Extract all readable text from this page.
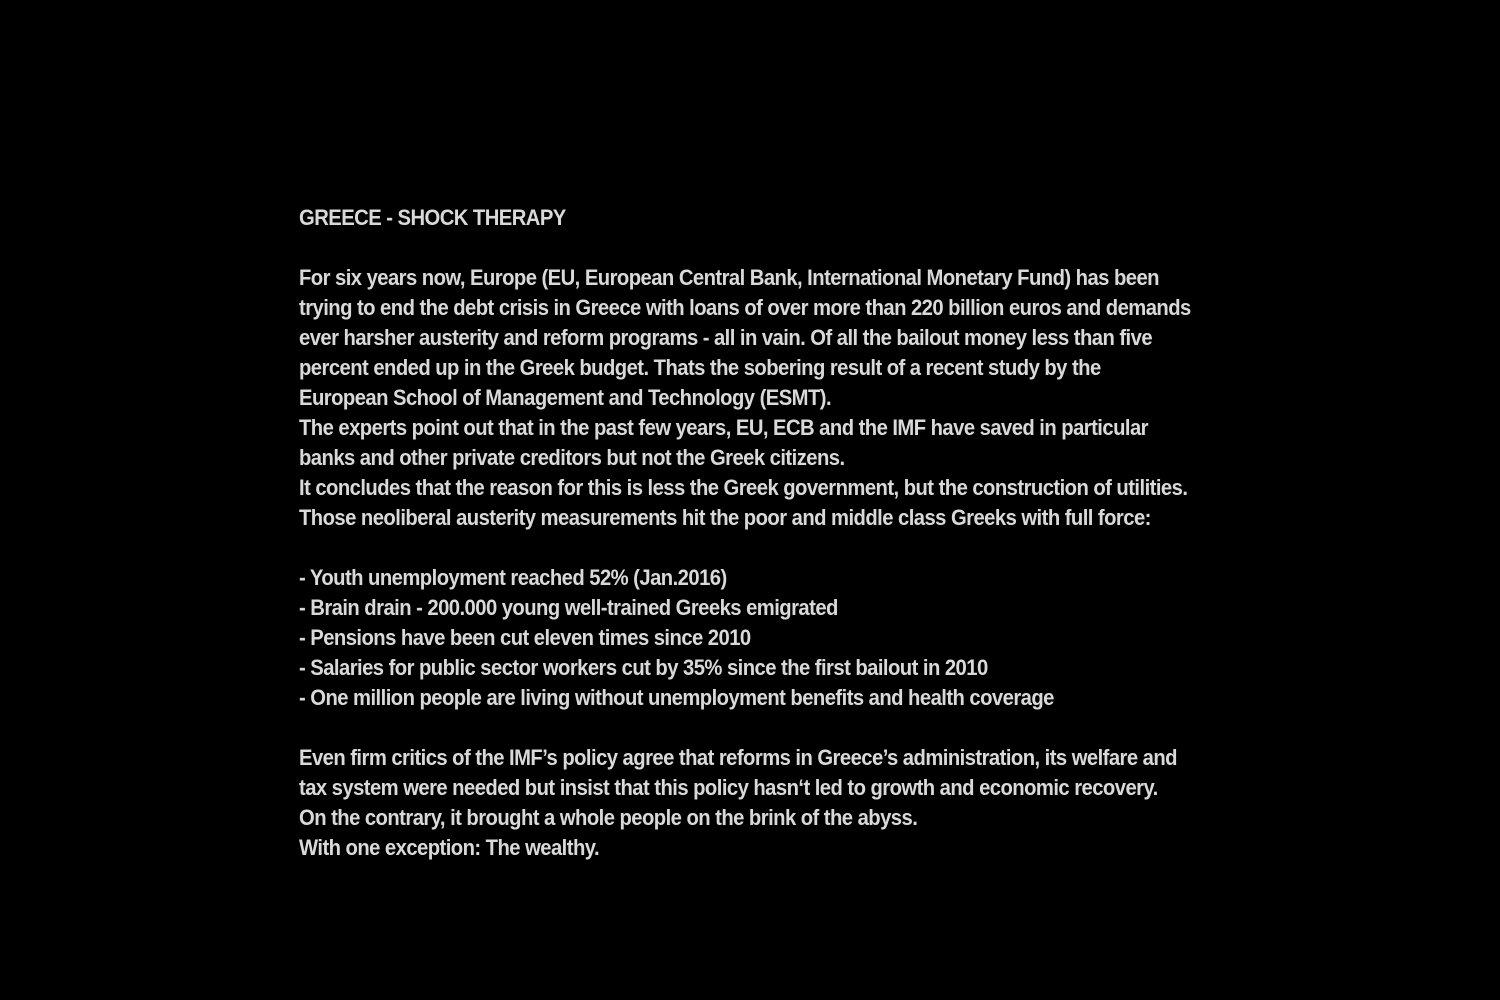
GREECE - SHOCK THERAPY
For six years now, Europe (EU, European Central Bank, International Monetary Fund) has been
trying to end the debt crisis in Greece with loans of over more than 220 billion euros and demands
ever harsher austerity and reform programs - all in vain. Of all the bailout money less than five
percent ended up in the Greek budget. Thats the sobering result of a recent study by the
European School of Management and Technology (ESMT).
The experts point out that in the past few years, EU, ECB and the IMF have saved in particular
banks and other private creditors but not the Greek citizens.
It concludes that the reason for this is less the Greek government, but the construction of utilities.
Those neoliberal austerity measurements hit the poor and middle class Greeks with full force:
- Youth unemployment reached 52% (Jan.2016)
- Brain drain - 200.000 young well-trained Greeks emigrated
- Pensions have been cut eleven times since 2010
- Salaries for public sector workers cut by 35% since the first bailout in 2010
- One million people are living without unemployment benefits and health coverage
Even firm critics of the IMF’s policy agree that reforms in Greece’s administration, its welfare and
tax system were needed but insist that this policy hasn‘t led to growth and economic recovery.
On the contrary, it brought a whole people on the brink of the abyss.
With one exception: The wealthy.
